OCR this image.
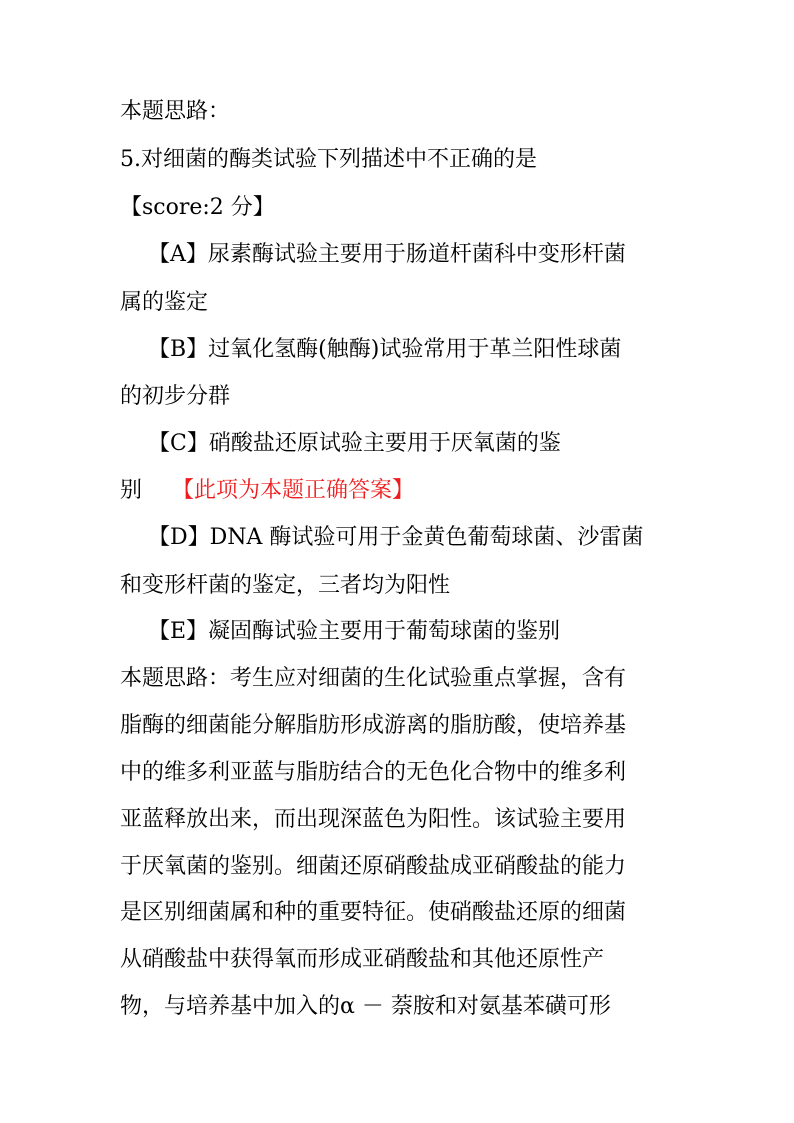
本题思路：
5.对细菌的酶类试验下列描述中不正确的是
【score:2 分】
【A】尿素酶试验主要用于肠道杆菌科中变形杆菌
属的鉴定
【B】过氧化氢酶(触酶)试验常用于革兰阳性球菌
的初步分群
【C】硝酸盐还原试验主要用于厌氧菌的鉴
别 【此项为本题正确答案】
【D】DNA 酶试验可用于金黄色葡萄球菌、沙雷菌
和变形杆菌的鉴定，三者均为阳性
【E】凝固酶试验主要用于葡萄球菌的鉴别
本题思路：考生应对细菌的生化试验重点掌握，含有
脂酶的细菌能分解脂肪形成游离的脂肪酸，使培养基
中的维多利亚蓝与脂肪结合的无色化合物中的维多利
亚蓝释放出来，而出现深蓝色为阳性。该试验主要用
于厌氧菌的鉴别。细菌还原硝酸盐成亚硝酸盐的能力
是区别细菌属和种的重要特征。使硝酸盐还原的细菌
从硝酸盐中获得氧而形成亚硝酸盐和其他还原性产
物，与培养基中加入的α － 萘胺和对氨基苯磺可形
